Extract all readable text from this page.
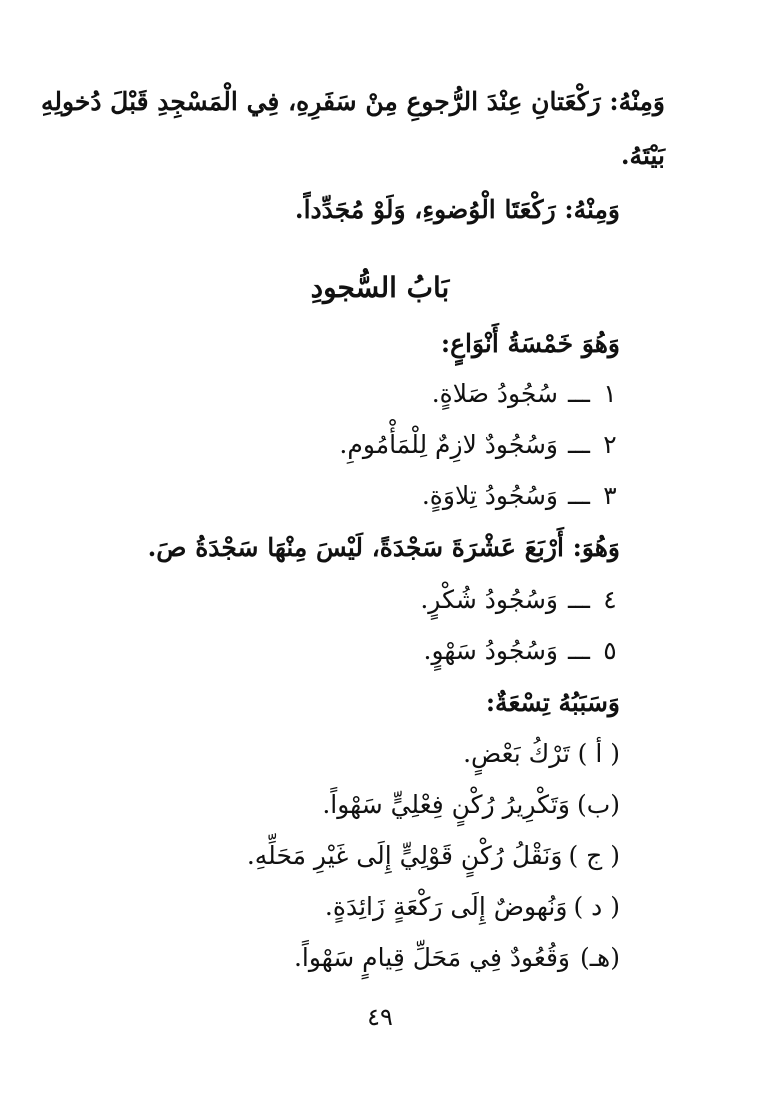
وَمِنْهُ: رَكْعَتانِ عِنْدَ الرُّجوعِ مِنْ سَفَرِهِ، فِي الْمَسْجِدِ قَبْلَ دُخولِهِ
بَيْتَهُ.
وَمِنْهُ: رَكْعَتَا الْوُضوءِ، وَلَوْ مُجَدِّداً.
بَابُ السُّجودِ
وَهُوَ خَمْسَةُ أَنْوَاعٍ:
١ـــسُجُودُ صَلاةٍ.
٢ـــوَسُجُودٌ لازِمٌ لِلْمَأْمُومِ.
٣ـــوَسُجُودُ تِلاوَةٍ.
وَهُوَ: أَرْبَعَ عَشْرَةَ سَجْدَةً، لَيْسَ مِنْهَا سَجْدَةُ صَ.
٤ـــوَسُجُودُ شُكْرٍ.
٥ـــوَسُجُودُ سَهْوٍ.
وَسَبَبُهُ تِسْعَةٌ:
( أ )تَرْكُ بَعْضٍ.
(ب)وَتَكْرِيرُ رُكْنٍ فِعْلِيٍّ سَهْواً.
( ج )وَنَقْلُ رُكْنٍ قَوْلِيٍّ إِلَى غَيْرِ مَحَلِّهِ.
( د )وَنُهوضٌ إِلَى رَكْعَةٍ زَائِدَةٍ.
(هـ)وَقُعُودٌ فِي مَحَلِّ قِيامٍ سَهْواً.
٤٩
